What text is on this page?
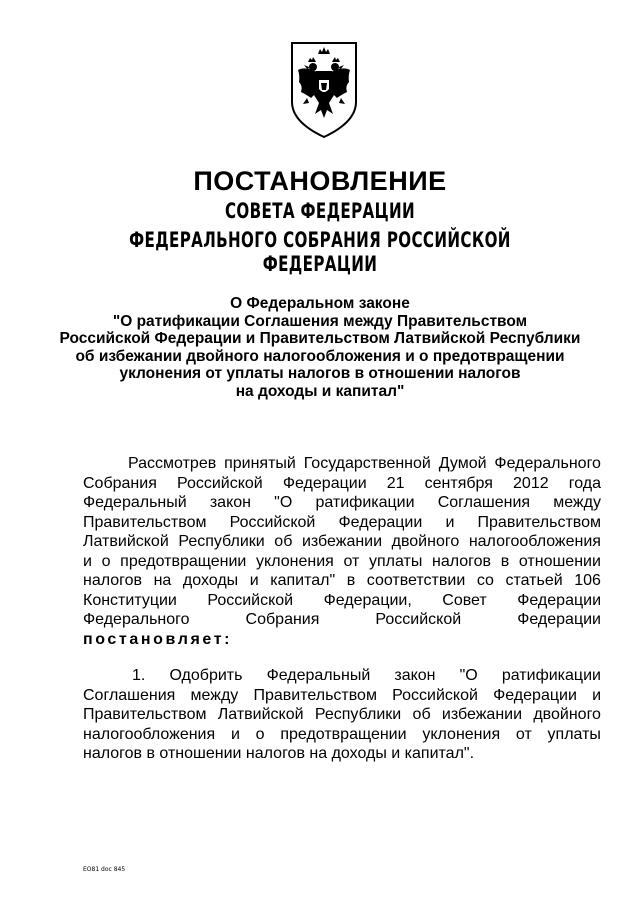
ПОСТАНОВЛЕНИЕ
СОВЕТА ФЕДЕРАЦИИ
ФЕДЕРАЛЬНОГО СОБРАНИЯ РОССИЙСКОЙ ФЕДЕРАЦИИ
О Федеральном законе
"О ратификации Соглашения между Правительством
Российской Федерации и Правительством Латвийской Республики
об избежании двойного налогообложения и о предотвращении
уклонения от уплаты налогов в отношении налогов
на доходы и капитал"
Рассмотрев принятый Государственной Думой Федерального
Собрания Российской Федерации 21 сентября 2012 года
Федеральный закон "О ратификации Соглашения между
Правительством Российской Федерации и Правительством
Латвийской Республики об избежании двойного налогообложения
и о предотвращении уклонения от уплаты налогов в отношении
налогов на доходы и капитал" в соответствии со статьей 106
Конституции Российской Федерации, Совет Федерации
Федерального	Собрания	Российской	Федерации
постановляет:
1. Одобрить Федеральный закон "О ратификации
Соглашения между Правительством Российской Федерации и
Правительством Латвийской Республики об избежании двойного
налогообложения и о предотвращении уклонения от уплаты
налогов в отношении налогов на доходы и капитал".
ЕО81 doc 845
